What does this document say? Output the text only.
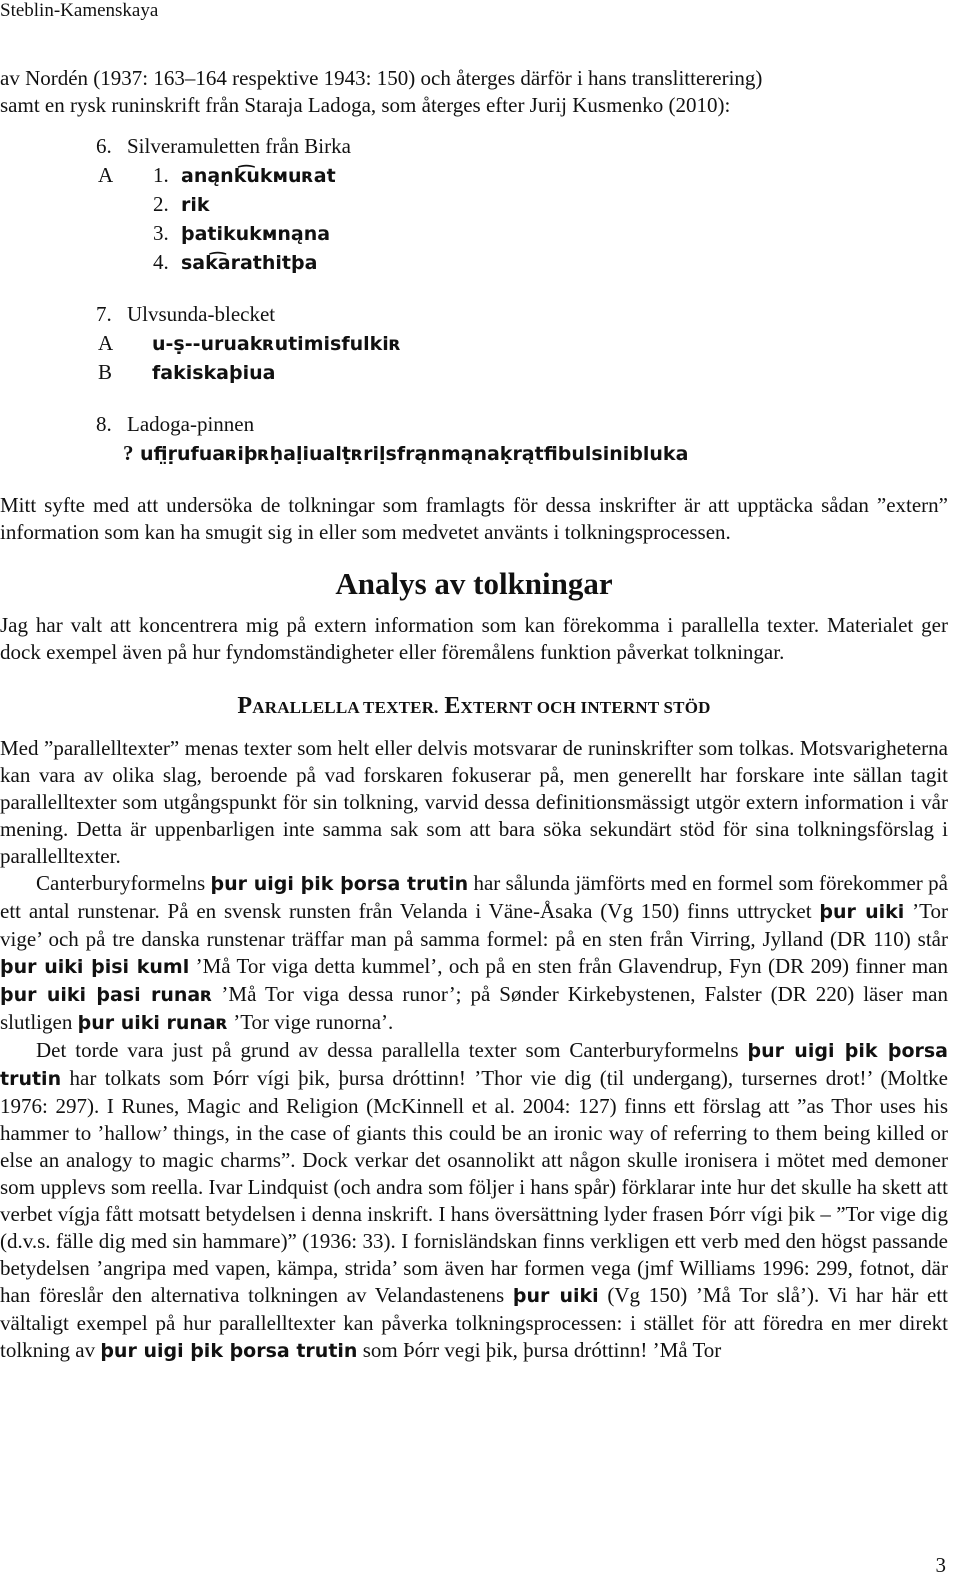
Steblin-Kamenskaya
av Nordén (1937: 163–164 respektive 1943: 150) och återges därför i hans translitterering)
samt en rysk runinskrift från Staraja Ladoga, som återges efter Jurij Kusmenko (2010):
6. Silveramuletten från Birka
A 1. anąnk͡ukмuʀat
2. rik
3. þatikukмnąna
4. sak͡arathitþa
7. Ulvsunda-blecket
A u-ṣ--uruakʀutimisfulkiʀ
B fakiskaþiua
8. Ladoga-pinnen
? ufi̤ṛufuaʀiþʀḥaḷiualṭʀriḷsfrąnmąnaḳrątfibulsinibluka

Mitt syfte med att undersöka de tolkningar som framlagts för dessa inskrifter är att upptäcka sådan ”extern” information som kan ha smugit sig in eller som medvetet använts i tolkningsprocessen.

Analys av tolkningar

Jag har valt att koncentrera mig på extern information som kan förekomma i parallella texter. Materialet ger dock exempel även på hur fyndomständigheter eller föremålens funktion påverkat tolkningar.

PARALLELLA TEXTER. EXTERNT OCH INTERNT STÖD

Med ”parallelltexter” menas texter som helt eller delvis motsvarar de runinskrifter som tolkas. Motsvarigheterna kan vara av olika slag, beroende på vad forskaren fokuserar på, men generellt har forskare inte sällan tagit parallelltexter som utgångspunkt för sin tolkning, varvid dessa definitionsmässigt utgör extern information i vår mening. Detta är uppenbarligen inte samma sak som att bara söka sekundärt stöd för sina tolkningsförslag i parallelltexter.

Canterburyformelns þur uigi þik þorsa trutin har sålunda jämförts med en formel som förekommer på ett antal runstenar. På en svensk runsten från Velanda i Väne-Åsaka (Vg 150) finns uttrycket þur uiki ’Tor vige’ och på tre danska runstenar träffar man på samma formel: på en sten från Virring, Jylland (DR 110) står þur uiki þisi kuml ’Må Tor viga detta kummel’, och på en sten från Glavendrup, Fyn (DR 209) finner man þur uiki þasi runaʀ ’Må Tor viga dessa runor’; på Sønder Kirkebystenen, Falster (DR 220) läser man slutligen þur uiki runaʀ ’Tor vige runorna’.

Det torde vara just på grund av dessa parallella texter som Canterburyformelns þur uigi þik þorsa trutin har tolkats som Þórr vígi þik, þursa dróttinn! ’Thor vie dig (til undergang), tursernes drot!’ (Moltke 1976: 297). I Runes, Magic and Religion (McKinnell et al. 2004: 127) finns ett förslag att ”as Thor uses his hammer to ’hallow’ things, in the case of giants this could be an ironic way of referring to them being killed or else an analogy to magic charms”. Dock verkar det osannolikt att någon skulle ironisera i mötet med demoner som upplevs som reella. Ivar Lindquist (och andra som följer i hans spår) förklarar inte hur det skulle ha skett att verbet vígja fått motsatt betydelsen i denna inskrift. I hans översättning lyder frasen Þórr vígi þik – ”Tor vige dig (d.v.s. fälle dig med sin hammare)” (1936: 33). I fornisländskan finns verkligen ett verb med den högst passande betydelsen ’angripa med vapen, kämpa, strida’ som även har formen vega (jmf Williams 1996: 299, fotnot, där han föreslår den alternativa tolkningen av Velandastenens þur uiki (Vg 150) ’Må Tor slå’). Vi har här ett vältaligt exempel på hur parallelltexter kan påverka tolkningsprocessen: i stället för att föredra en mer direkt tolkning av þur uigi þik þorsa trutin som Þórr vegi þik, þursa dróttinn! ’Må Tor

3
